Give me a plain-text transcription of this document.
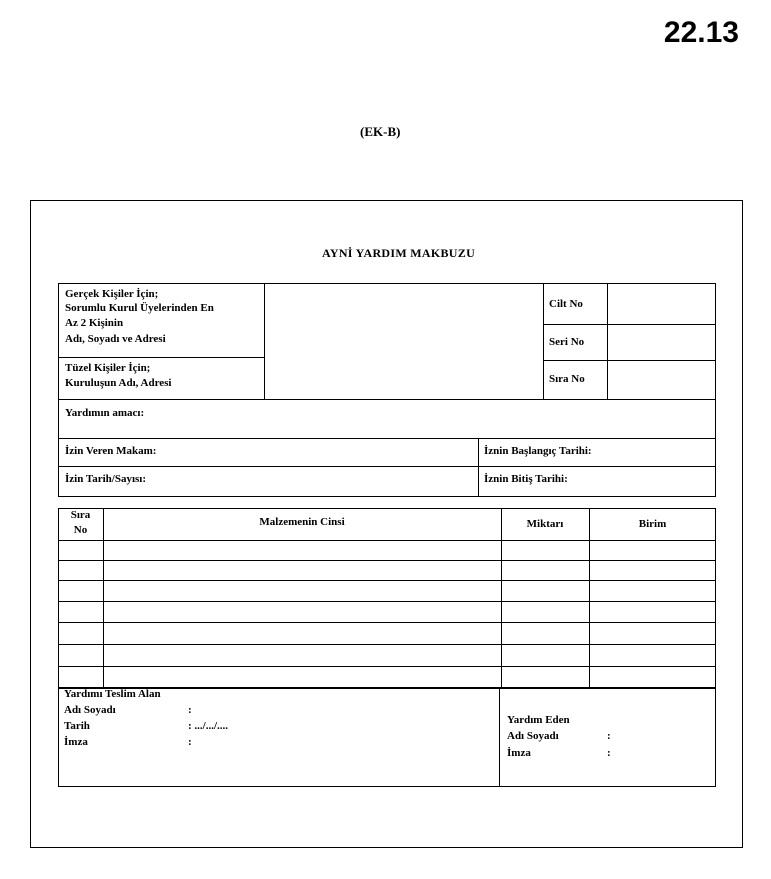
22.13
(EK-B)
AYNİ YARDIM MAKBUZU
Gerçek Kişiler İçin;
Sorumlu Kurul Üyelerinden En
Az 2 Kişinin
Adı, Soyadı ve Adresi
Tüzel Kişiler İçin;
Kuruluşun Adı, Adresi
Cilt No
Seri No
Sıra No
Yardımın amacı:
İzin Veren Makam:	İznin Başlangıç Tarihi:
İzin Tarih/Sayısı:	İznin Bitiş Tarihi:
Sıra
No
Malzemenin Cinsi	Miktarı	Birim
Yardımı Teslim Alan
Adı Soyadı	:
Tarih	: .../.../....
İmza	:
Yardım Eden
Adı Soyadı	:
İmza	:
